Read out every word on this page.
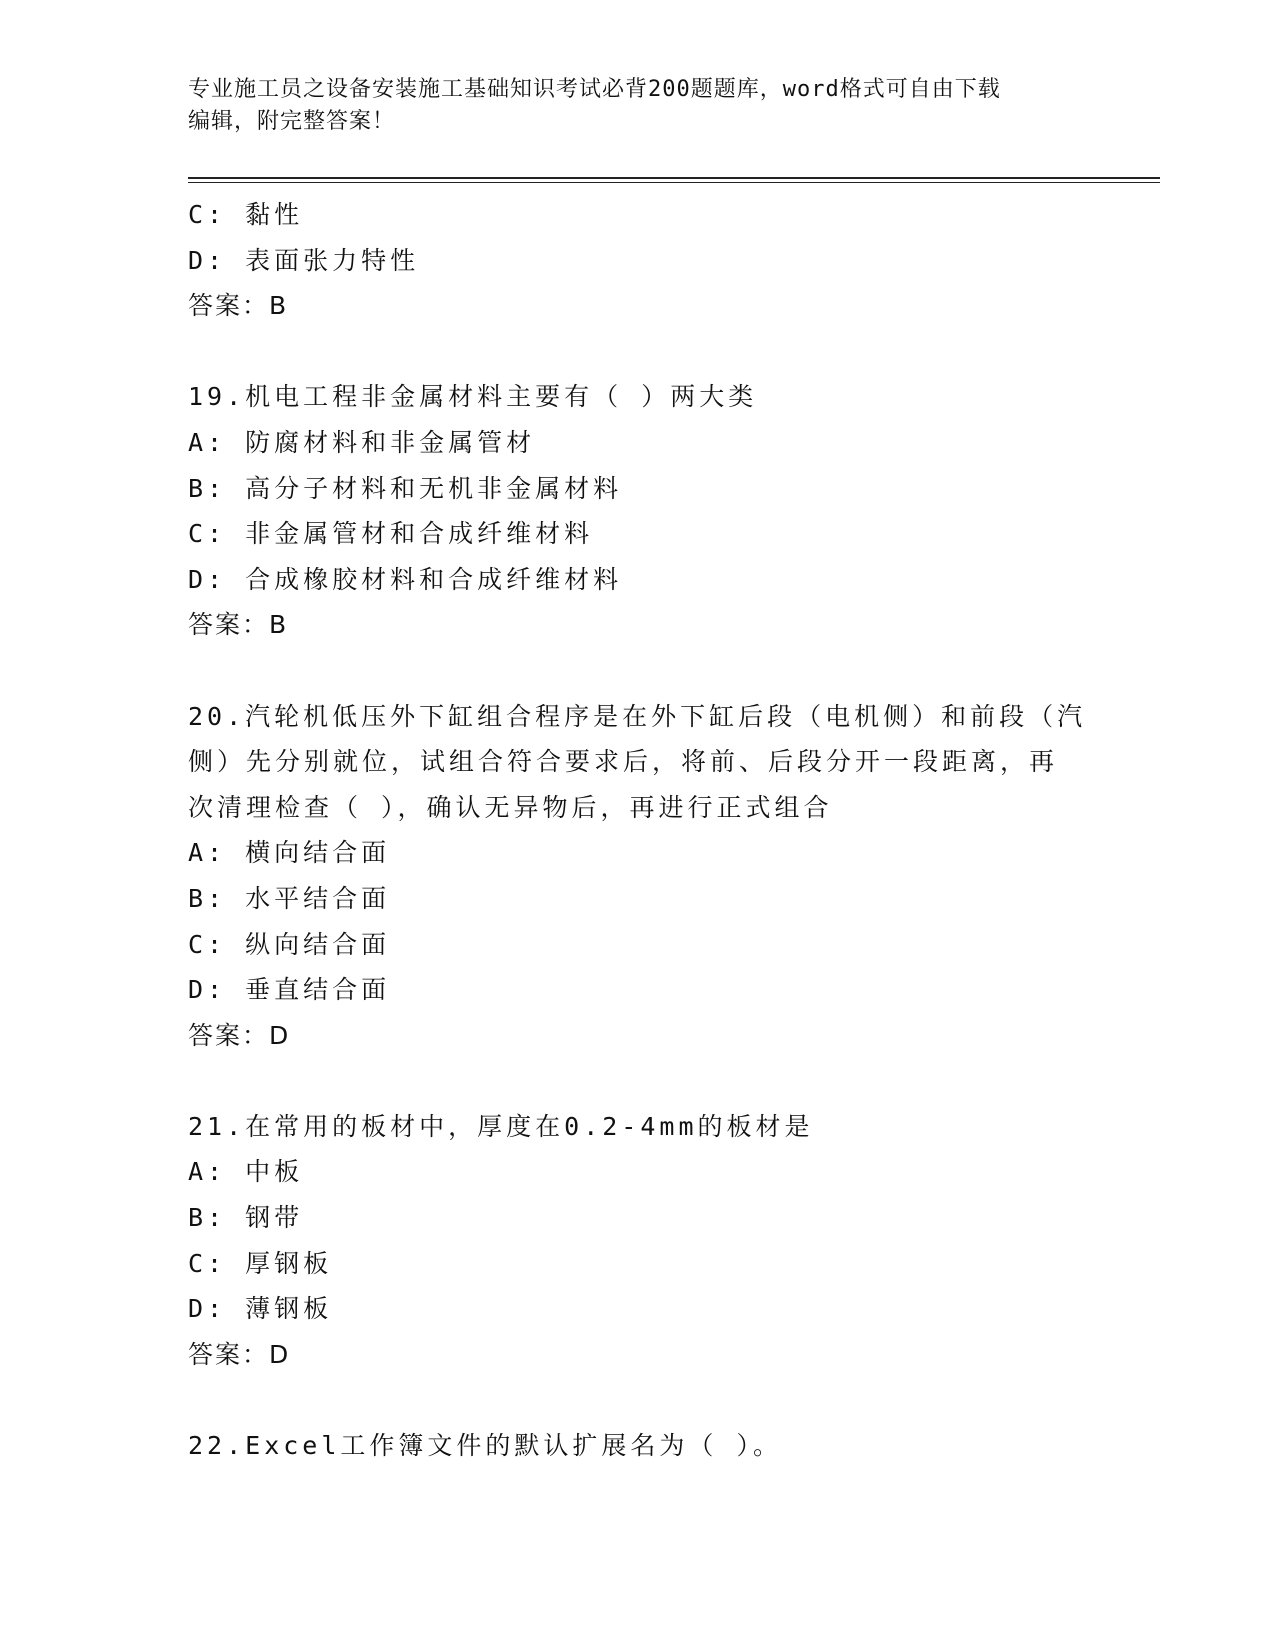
专业施工员之设备安装施工基础知识考试必背200题题库，word格式可自由下载
编辑，附完整答案！
C: 黏性
D: 表面张力特性
答案：B
19.机电工程非金属材料主要有（ ）两大类
A: 防腐材料和非金属管材
B: 高分子材料和无机非金属材料
C: 非金属管材和合成纤维材料
D: 合成橡胶材料和合成纤维材料
答案：B
20.汽轮机低压外下缸组合程序是在外下缸后段（电机侧）和前段（汽
侧）先分别就位，试组合符合要求后，将前、后段分开一段距离，再
次清理检查（ ），确认无异物后，再进行正式组合
A: 横向结合面
B: 水平结合面
C: 纵向结合面
D: 垂直结合面
答案：D
21.在常用的板材中，厚度在0.2-4mm的板材是
A: 中板
B: 钢带
C: 厚钢板
D: 薄钢板
答案：D
22.Excel工作簿文件的默认扩展名为（ ）。
